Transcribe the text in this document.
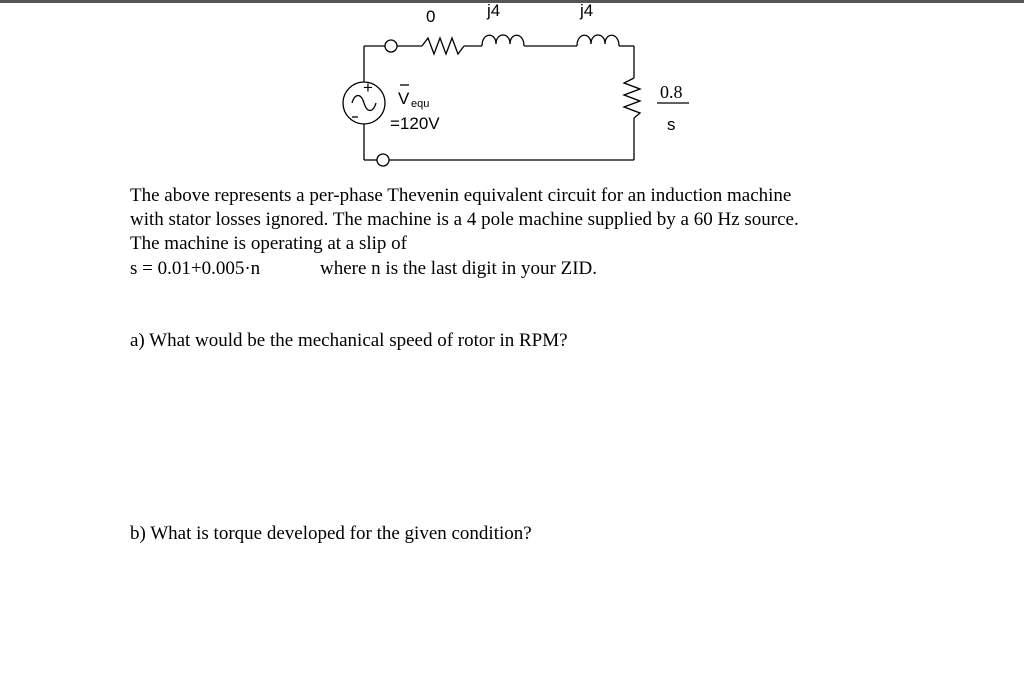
0	j4	j4
+
V equ
=120V
0.8
s
The above represents a per-phase Thevenin equivalent circuit for an induction machine
with stator losses ignored. The machine is a 4 pole machine supplied by a 60 Hz source.
The machine is operating at a slip of
s = 0.01+0.005·n	where n is the last digit in your ZID.
a) What would be the mechanical speed of rotor in RPM?
b) What is torque developed for the given condition?
